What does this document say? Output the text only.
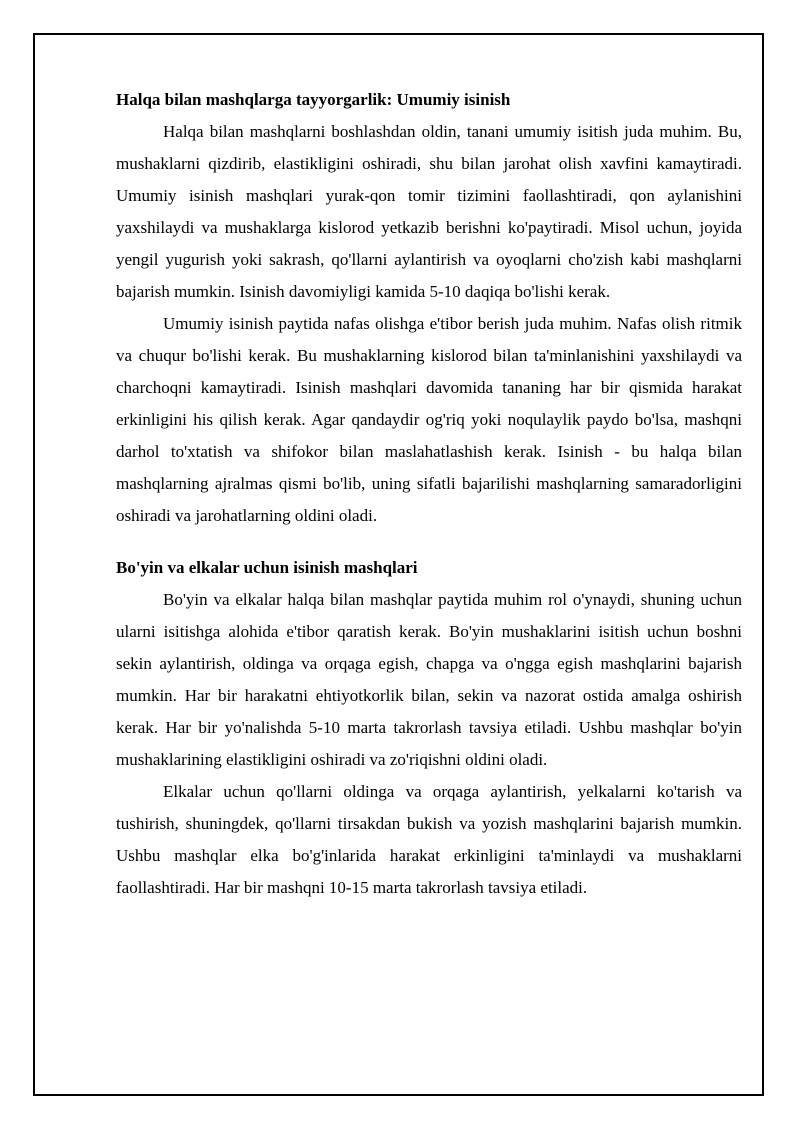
Halqa bilan mashqlarga tayyorgarlik: Umumiy isinish

Halqa bilan mashqlarni boshlashdan oldin, tanani umumiy isitish juda muhim. Bu, mushaklarni qizdirib, elastikligini oshiradi, shu bilan jarohat olish xavfini kamaytiradi. Umumiy isinish mashqlari yurak-qon tomir tizimini faollashtiradi, qon aylanishini yaxshilaydi va mushaklarga kislorod yetkazib berishni ko'paytiradi. Misol uchun, joyida yengil yugurish yoki sakrash, qo'llarni aylantirish va oyoqlarni cho'zish kabi mashqlarni bajarish mumkin. Isinish davomiyligi kamida 5-10 daqiqa bo'lishi kerak.

Umumiy isinish paytida nafas olishga e'tibor berish juda muhim. Nafas olish ritmik va chuqur bo'lishi kerak. Bu mushaklarning kislorod bilan ta'minlanishini yaxshilaydi va charchoqni kamaytiradi. Isinish mashqlari davomida tananing har bir qismida harakat erkinligini his qilish kerak. Agar qandaydir og'riq yoki noqulaylik paydo bo'lsa, mashqni darhol to'xtatish va shifokor bilan maslahatlashish kerak. Isinish - bu halqa bilan mashqlarning ajralmas qismi bo'lib, uning sifatli bajarilishi mashqlarning samaradorligini oshiradi va jarohatlarning oldini oladi.

Bo'yin va elkalar uchun isinish mashqlari

Bo'yin va elkalar halqa bilan mashqlar paytida muhim rol o'ynaydi, shuning uchun ularni isitishga alohida e'tibor qaratish kerak. Bo'yin mushaklarini isitish uchun boshni sekin aylantirish, oldinga va orqaga egish, chapga va o'ngga egish mashqlarini bajarish mumkin. Har bir harakatni ehtiyotkorlik bilan, sekin va nazorat ostida amalga oshirish kerak. Har bir yo'nalishda 5-10 marta takrorlash tavsiya etiladi. Ushbu mashqlar bo'yin mushaklarining elastikligini oshiradi va zo'riqishni oldini oladi.

Elkalar uchun qo'llarni oldinga va orqaga aylantirish, yelkalarni ko'tarish va tushirish, shuningdek, qo'llarni tirsakdan bukish va yozish mashqlarini bajarish mumkin. Ushbu mashqlar elka bo'g'inlarida harakat erkinligini ta'minlaydi va mushaklarni faollashtiradi. Har bir mashqni 10-15 marta takrorlash tavsiya etiladi.
